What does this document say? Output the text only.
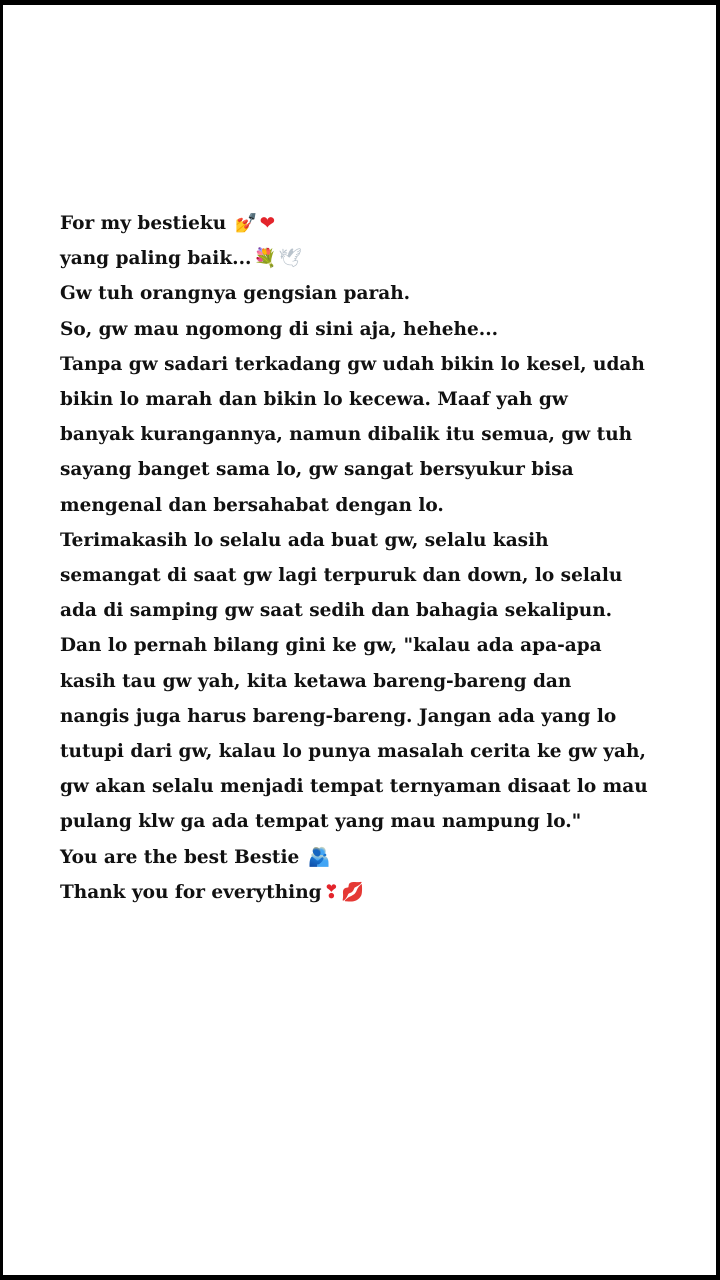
For my bestieku 💅 ❤
yang paling baik... 💐 🕊
Gw tuh orangnya gengsian parah.
So, gw mau ngomong di sini aja, hehehe...
Tanpa gw sadari terkadang gw udah bikin lo kesel, udah
bikin lo marah dan bikin lo kecewa. Maaf yah gw
banyak kurangannya, namun dibalik itu semua, gw tuh
sayang banget sama lo, gw sangat bersyukur bisa
mengenal dan bersahabat dengan lo.
Terimakasih lo selalu ada buat gw, selalu kasih
semangat di saat gw lagi terpuruk dan down, lo selalu
ada di samping gw saat sedih dan bahagia sekalipun.
Dan lo pernah bilang gini ke gw, "kalau ada apa-apa
kasih tau gw yah, kita ketawa bareng-bareng dan
nangis juga harus bareng-bareng. Jangan ada yang lo
tutupi dari gw, kalau lo punya masalah cerita ke gw yah,
gw akan selalu menjadi tempat ternyaman disaat lo mau
pulang klw ga ada tempat yang mau nampung lo."
You are the best Bestie 🫂
Thank you for everything ❣ 💋
